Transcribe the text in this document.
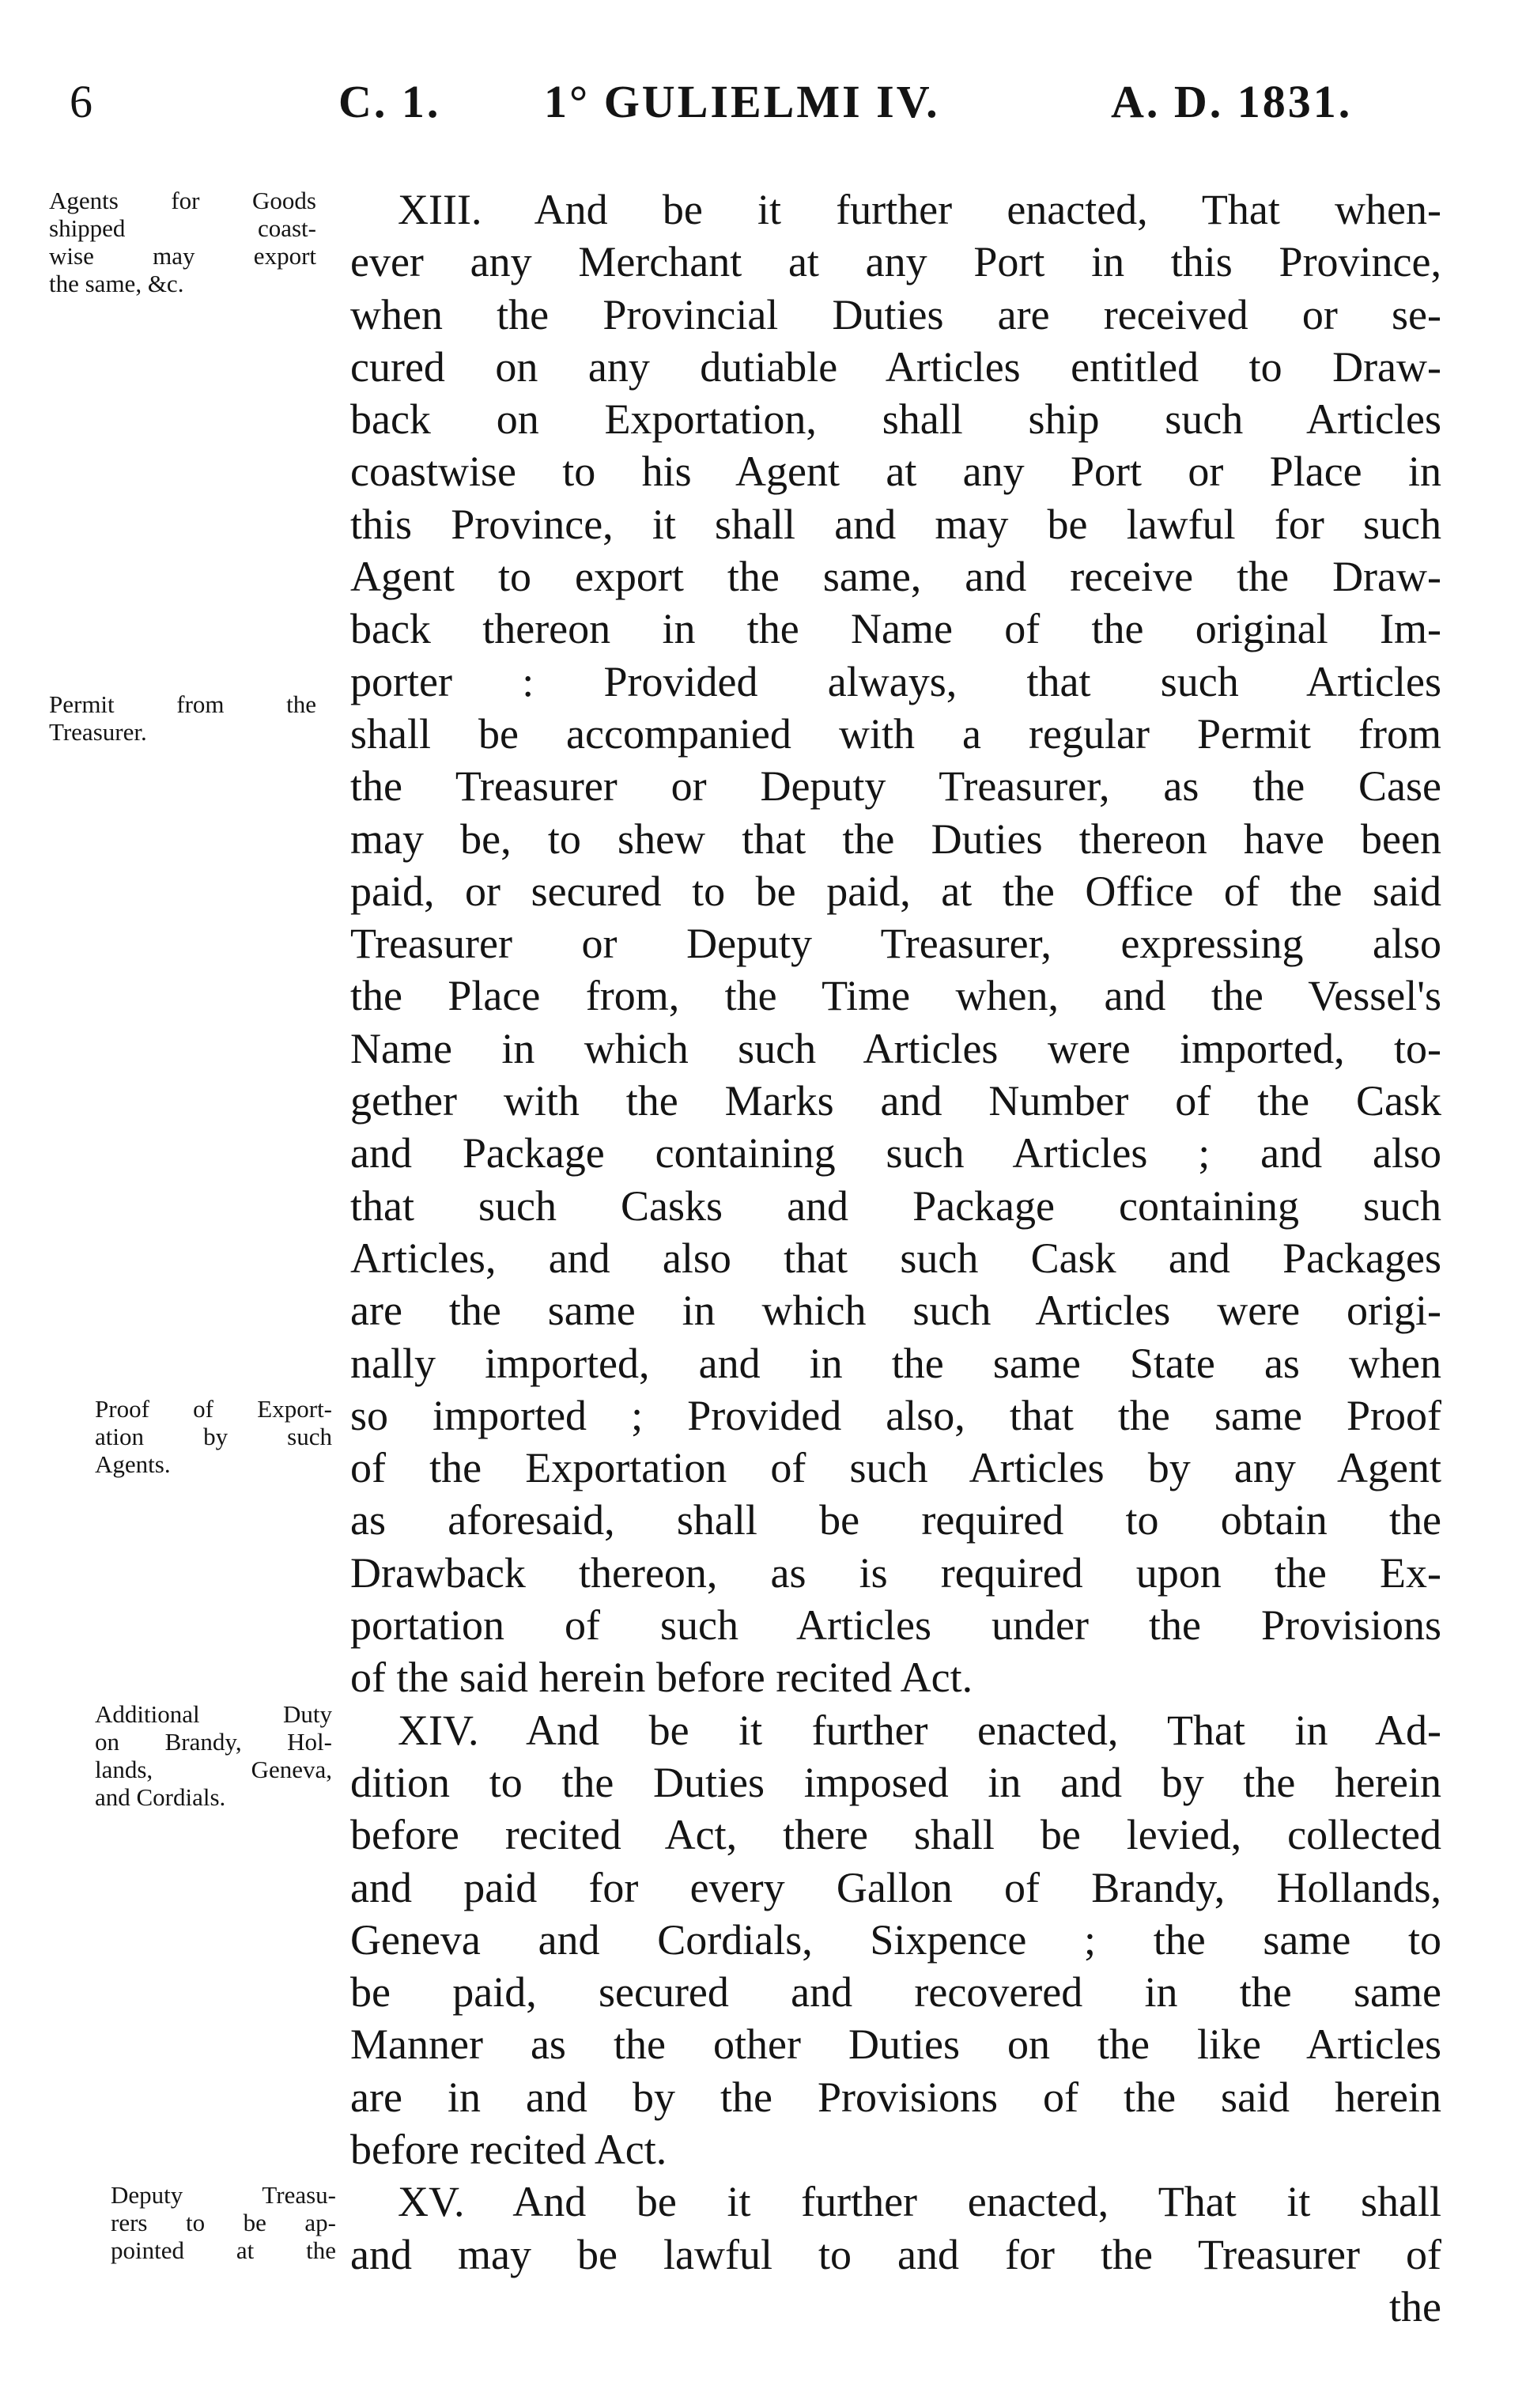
6	C. 1. 1° GULIELMI IV.	A. D. 1831.
Agents for Goods
shipped coast-
wise may export
the same, &c.
Permit from the
Treasurer.
Proof of Export-
ation by such
Agents.
Additional Duty
on Brandy, Hol-
lands, Geneva,
and Cordials.
Deputy Treasu-
rers to be ap-
pointed at the
XIII. And be it further enacted, That when-
ever any Merchant at any Port in this Province,
when the Provincial Duties are received or se-
cured on any dutiable Articles entitled to Draw-
back on Exportation, shall ship such Articles
coastwise to his Agent at any Port or Place in
this Province, it shall and may be lawful for such
Agent to export the same, and receive the Draw-
back thereon in the Name of the original Im-
porter : Provided always, that such Articles
shall be accompanied with a regular Permit from
the Treasurer or Deputy Treasurer, as the Case
may be, to shew that the Duties thereon have been
paid, or secured to be paid, at the Office of the said
Treasurer or Deputy Treasurer, expressing also
the Place from, the Time when, and the Vessel's
Name in which such Articles were imported, to-
gether with the Marks and Number of the Cask
and Package containing such Articles ; and also
that such Casks and Package containing such
Articles, and also that such Cask and Packages
are the same in which such Articles were origi-
nally imported, and in the same State as when
so imported ; Provided also, that the same Proof
of the Exportation of such Articles by any Agent
as aforesaid, shall be required to obtain the
Drawback thereon, as is required upon the Ex-
portation of such Articles under the Provisions
of the said herein before recited Act.
XIV. And be it further enacted, That in Ad-
dition to the Duties imposed in and by the herein
before recited Act, there shall be levied, collected
and paid for every Gallon of Brandy, Hollands,
Geneva and Cordials, Sixpence ; the same to
be paid, secured and recovered in the same
Manner as the other Duties on the like Articles
are in and by the Provisions of the said herein
before recited Act.
XV. And be it further enacted, That it shall
and may be lawful to and for the Treasurer of
the
